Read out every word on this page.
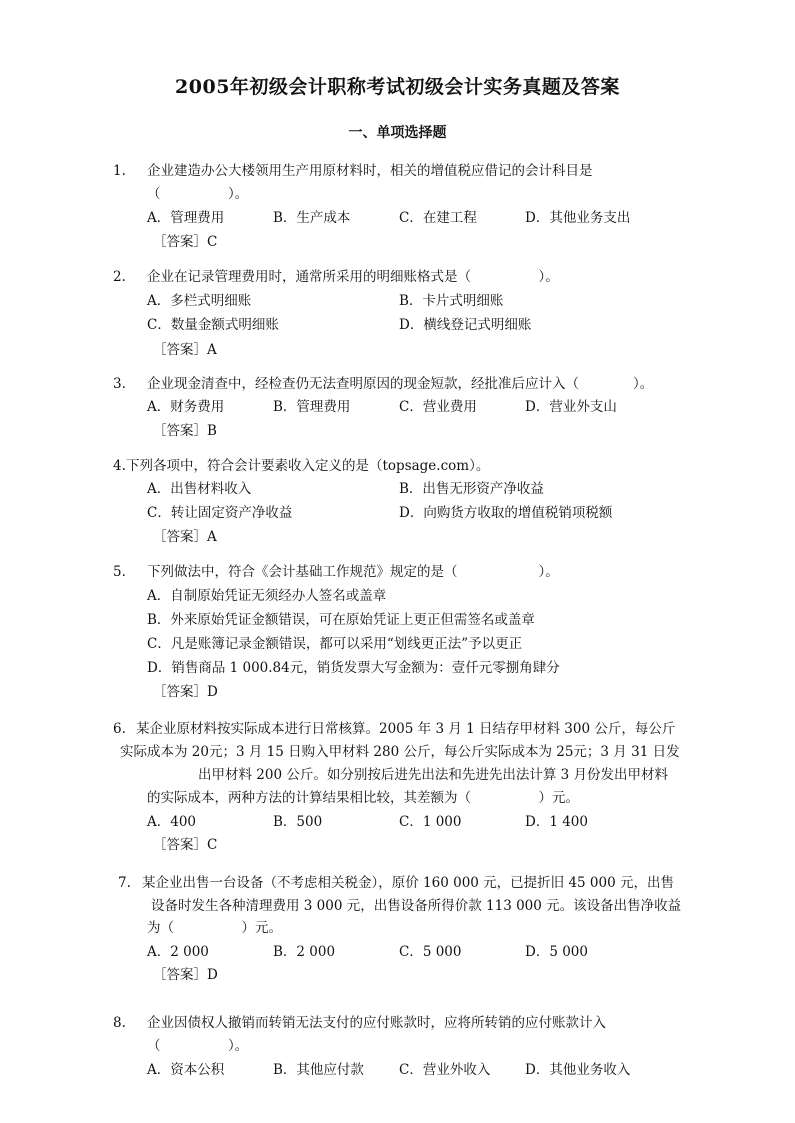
2005年初级会计职称考试初级会计实务真题及答案
一、单项选择题
1. 企业建造办公大楼领用生产用原材料时，相关的增值税应借记的会计科目是
（　　　　　）。
A．管理费用	B．生产成本	C．在建工程	D．其他业务支出
［答案］C
2. 企业在记录管理费用时，通常所采用的明细账格式是（　　　　　）。
A．多栏式明细账	B．卡片式明细账
C．数量金额式明细账	D．横线登记式明细账
［答案］A
3. 企业现金清查中，经检查仍无法查明原因的现金短款，经批准后应计入（　　　　）。
A．财务费用	B．管理费用	C．营业费用	D．营业外支山
［答案］B
4. 下列各项中，符合会计要素收入定义的是（topsage.com）。
A．出售材料收入	B．出售无形资产净收益
C．转让固定资产净收益	D．向购货方收取的增值税销项税额
［答案］A
5. 下列做法中，符合《会计基础工作规范》规定的是（　　　　　　）。
A．自制原始凭证无须经办人签名或盖章
B．外来原始凭证金额错误，可在原始凭证上更正但需签名或盖章
C．凡是账簿记录金额错误，都可以采用“划线更正法”予以更正
D．销售商品 1 000.84元，销货发票大写金额为：壹仟元零捌角肆分
［答案］D
6. 某企业原材料按实际成本进行日常核算。2005 年 3 月 1 日结存甲材料 300 公斤，每公斤
实际成本为 20元；3 月 15 日购入甲材料 280 公斤，每公斤实际成本为 25元；3 月 31 日发
出甲材料 200 公斤。如分别按后进先出法和先进先出法计算 3 月份发出甲材料
的实际成本，两种方法的计算结果相比较，其差额为（　　　　　）元。
A．400	B．500	C．1 000	D．1 400
［答案］C
7. 某企业出售一台设备（不考虑相关税金），原价 160 000 元，已提折旧 45 000 元，出售
设备时发生各种清理费用 3 000 元，出售设备所得价款 113 000 元。该设备出售净收益
为（　　　　　）元。
A．2 000	B．2 000	C．5 000	D．5 000
［答案］D
8. 企业因债权人撤销而转销无法支付的应付账款时，应将所转销的应付账款计入
（　　　　　）。
A．资本公积	B．其他应付款	C．营业外收入	D．其他业务收入
